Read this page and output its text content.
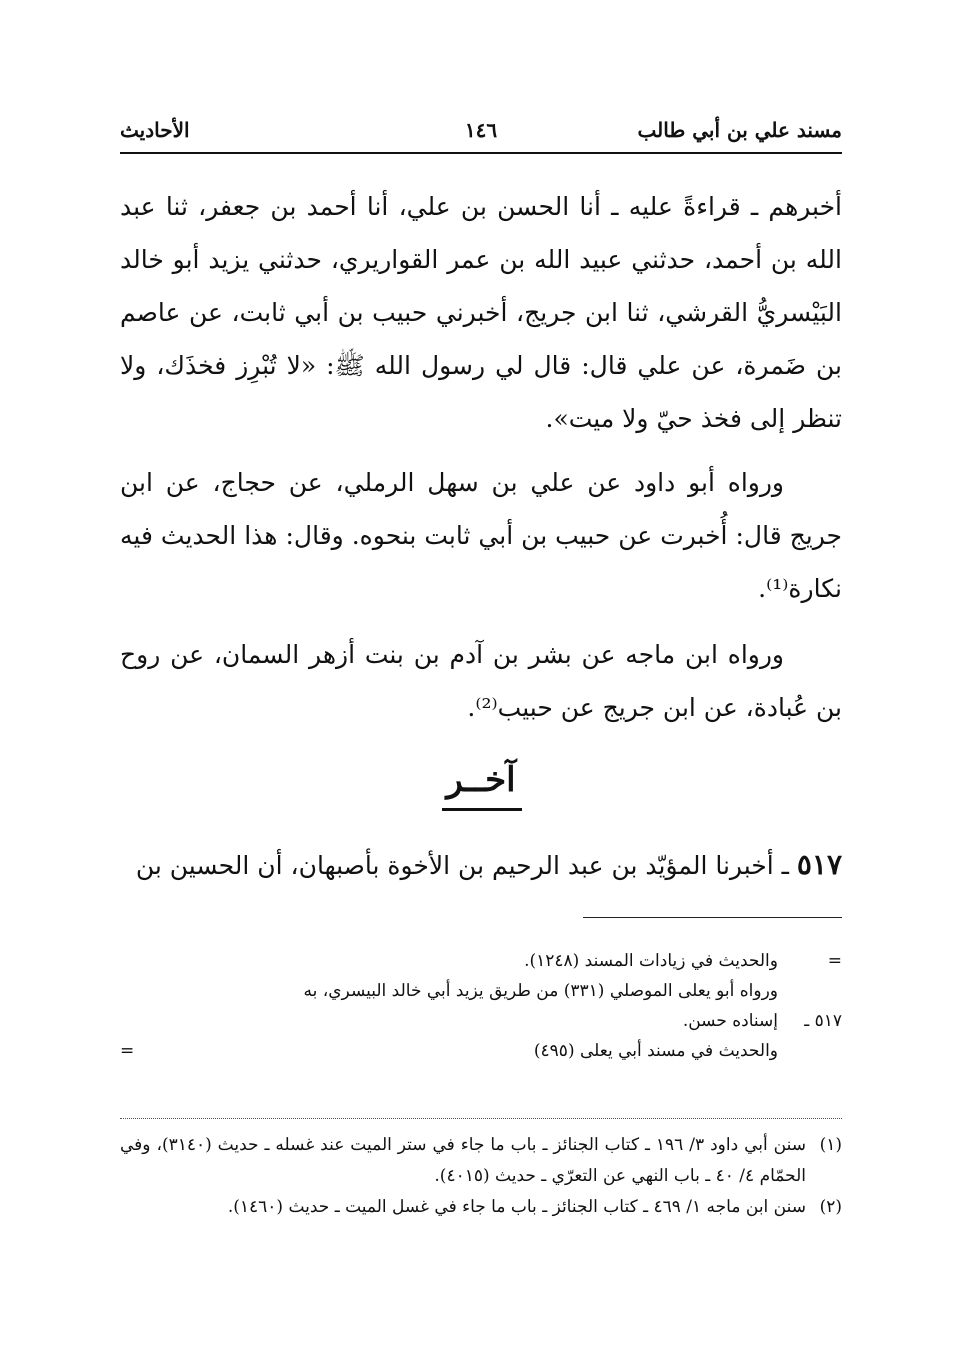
مسند علي بن أبي طالب
١٤٦
الأحاديث

أخبرهم ـ قراءةً عليه ـ أنا الحسن بن علي، أنا أحمد بن جعفر، ثنا عبد الله بن أحمد، حدثني عبيد الله بن عمر القواريري، حدثني يزيد أبو خالد البَيْسريُّ القرشي، ثنا ابن جريج، أخبرني حبيب بن أبي ثابت، عن عاصم بن ضَمرة، عن علي قال: قال لي رسول الله ﷺ: «لا تُبْرِز فخذَك، ولا تنظر إلى فخذ حيّ ولا ميت».

ورواه أبو داود عن علي بن سهل الرملي، عن حجاج، عن ابن جريج قال: أُخبرت عن حبيب بن أبي ثابت بنحوه. وقال: هذا الحديث فيه نكارة⁽¹⁾.

ورواه ابن ماجه عن بشر بن آدم بن بنت أزهر السمان، عن روح بن عُبادة، عن ابن جريج عن حبيب⁽²⁾.

آخــر

٥١٧ ـ أخبرنا المؤيّد بن عبد الرحيم بن الأخوة بأصبهان، أن الحسين بن

=
والحديث في زيادات المسند (١٢٤٨).
ورواه أبو يعلى الموصلي (٣٣١) من طريق يزيد أبي خالد البيسري، به
٥١٧ ـ
إسناده حسن.
والحديث في مسند أبي يعلى (٤٩٥)
=
(١)
سنن أبي داود ٣/ ١٩٦ ـ كتاب الجنائز ـ باب ما جاء في ستر الميت عند غسله ـ حديث (٣١٤٠)، وفي الحمّام ٤/ ٤٠ ـ باب النهي عن التعرّي ـ حديث (٤٠١٥).
(٢)
سنن ابن ماجه ١/ ٤٦٩ ـ كتاب الجنائز ـ باب ما جاء في غسل الميت ـ حديث (١٤٦٠).
